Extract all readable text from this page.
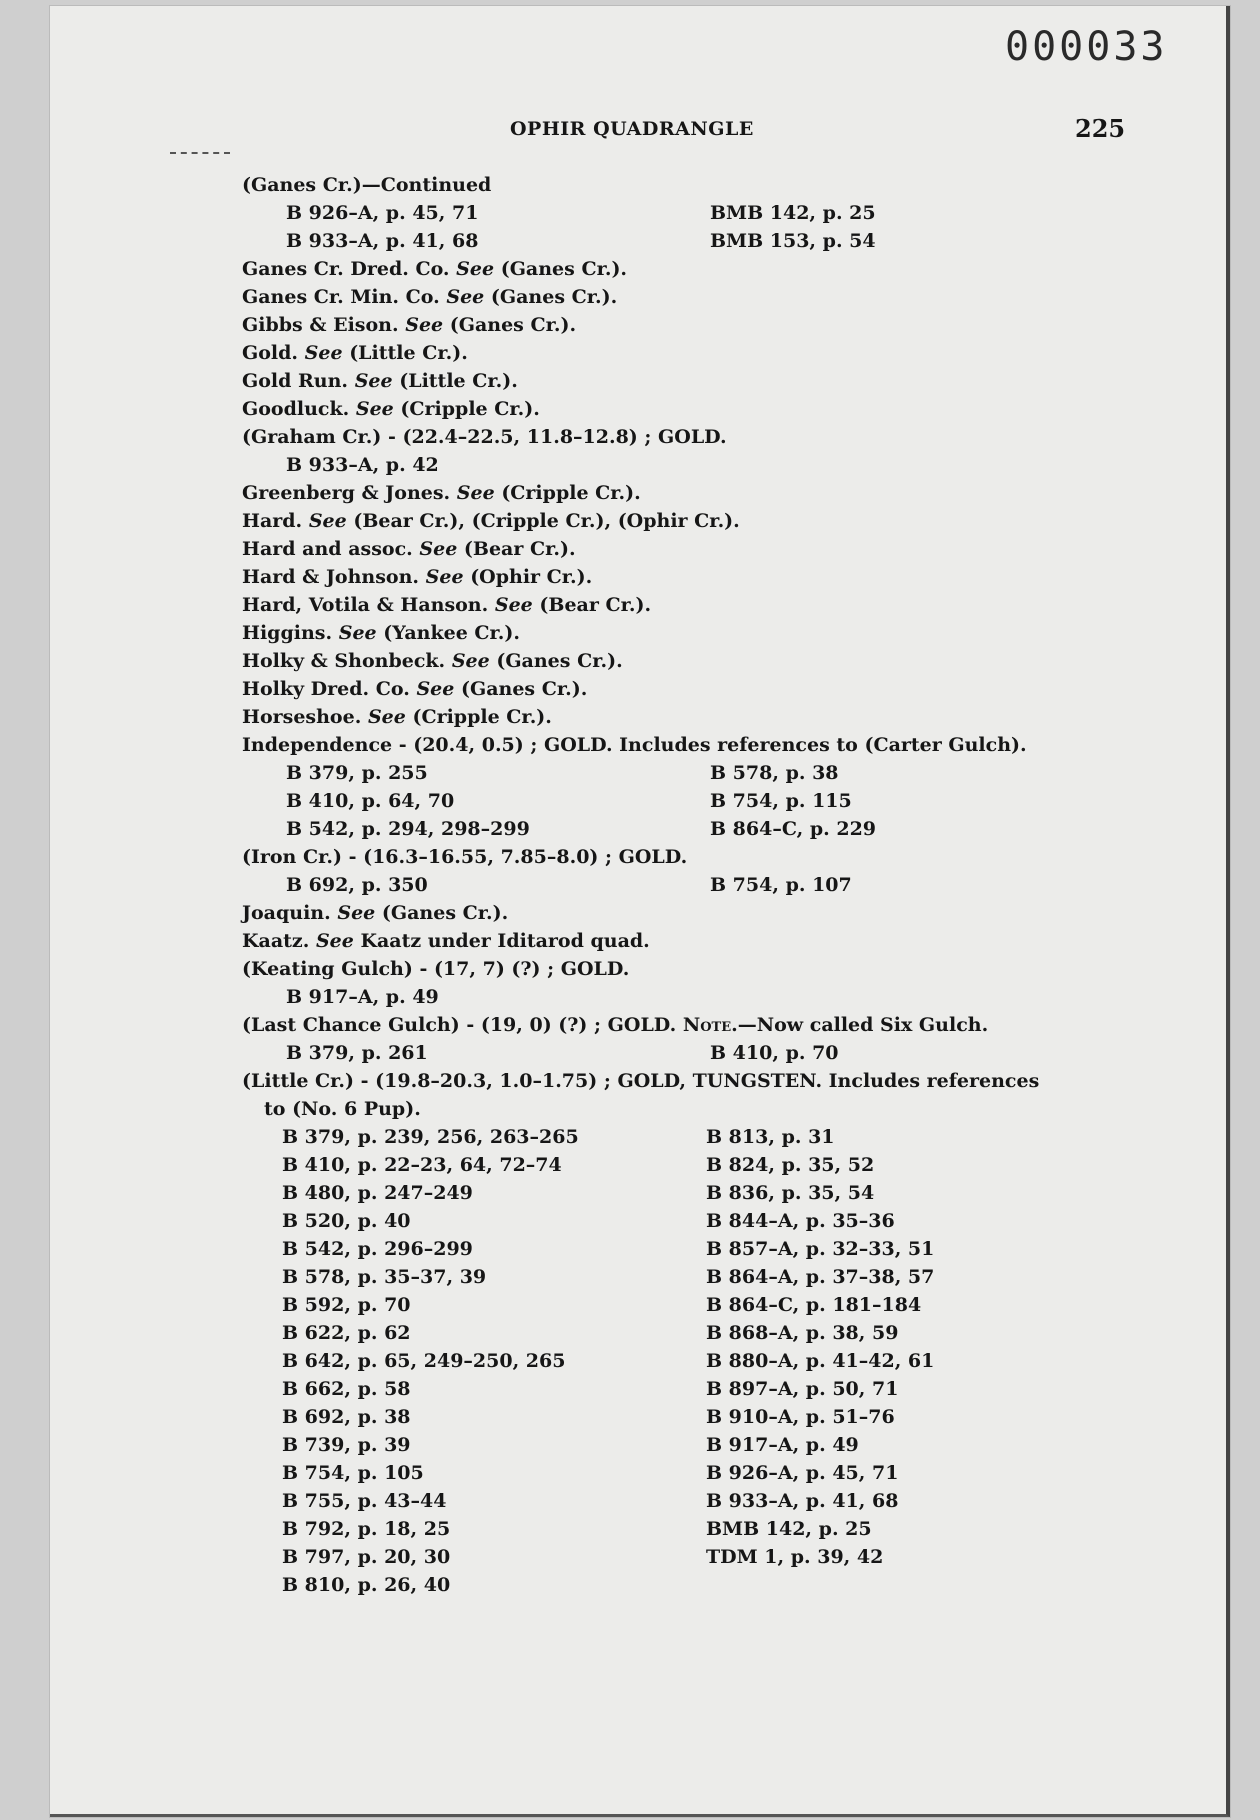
000033
OPHIR QUADRANGLE	225
(Ganes Cr.)—Continued
B 926–A, p. 45, 71	BMB 142, p. 25
B 933–A, p. 41, 68	BMB 153, p. 54
Ganes Cr. Dred. Co. See (Ganes Cr.).
Ganes Cr. Min. Co. See (Ganes Cr.).
Gibbs & Eison. See (Ganes Cr.).
Gold. See (Little Cr.).
Gold Run. See (Little Cr.).
Goodluck. See (Cripple Cr.).
(Graham Cr.) - (22.4–22.5, 11.8–12.8) ; GOLD.
B 933–A, p. 42
Greenberg & Jones. See (Cripple Cr.).
Hard. See (Bear Cr.), (Cripple Cr.), (Ophir Cr.).
Hard and assoc. See (Bear Cr.).
Hard & Johnson. See (Ophir Cr.).
Hard, Votila & Hanson. See (Bear Cr.).
Higgins. See (Yankee Cr.).
Holky & Shonbeck. See (Ganes Cr.).
Holky Dred. Co. See (Ganes Cr.).
Horseshoe. See (Cripple Cr.).
Independence - (20.4, 0.5) ; GOLD. Includes references to (Carter Gulch).
B 379, p. 255	B 578, p. 38
B 410, p. 64, 70	B 754, p. 115
B 542, p. 294, 298–299	B 864–C, p. 229
(Iron Cr.) - (16.3–16.55, 7.85–8.0) ; GOLD.
B 692, p. 350	B 754, p. 107
Joaquin. See (Ganes Cr.).
Kaatz. See Kaatz under Iditarod quad.
(Keating Gulch) - (17, 7) (?) ; GOLD.
B 917–A, p. 49
(Last Chance Gulch) - (19, 0) (?) ; GOLD. Note.—Now called Six Gulch.
B 379, p. 261	B 410, p. 70
(Little Cr.) - (19.8–20.3, 1.0–1.75) ; GOLD, TUNGSTEN. Includes references
to (No. 6 Pup).
B 379, p. 239, 256, 263–265	B 813, p. 31
B 410, p. 22–23, 64, 72–74	B 824, p. 35, 52
B 480, p. 247–249	B 836, p. 35, 54
B 520, p. 40	B 844–A, p. 35–36
B 542, p. 296–299	B 857–A, p. 32–33, 51
B 578, p. 35–37, 39	B 864–A, p. 37–38, 57
B 592, p. 70	B 864–C, p. 181–184
B 622, p. 62	B 868–A, p. 38, 59
B 642, p. 65, 249–250, 265	B 880–A, p. 41–42, 61
B 662, p. 58	B 897–A, p. 50, 71
B 692, p. 38	B 910–A, p. 51–76
B 739, p. 39	B 917–A, p. 49
B 754, p. 105	B 926–A, p. 45, 71
B 755, p. 43–44	B 933–A, p. 41, 68
B 792, p. 18, 25	BMB 142, p. 25
B 797, p. 20, 30	TDM 1, p. 39, 42
B 810, p. 26, 40
